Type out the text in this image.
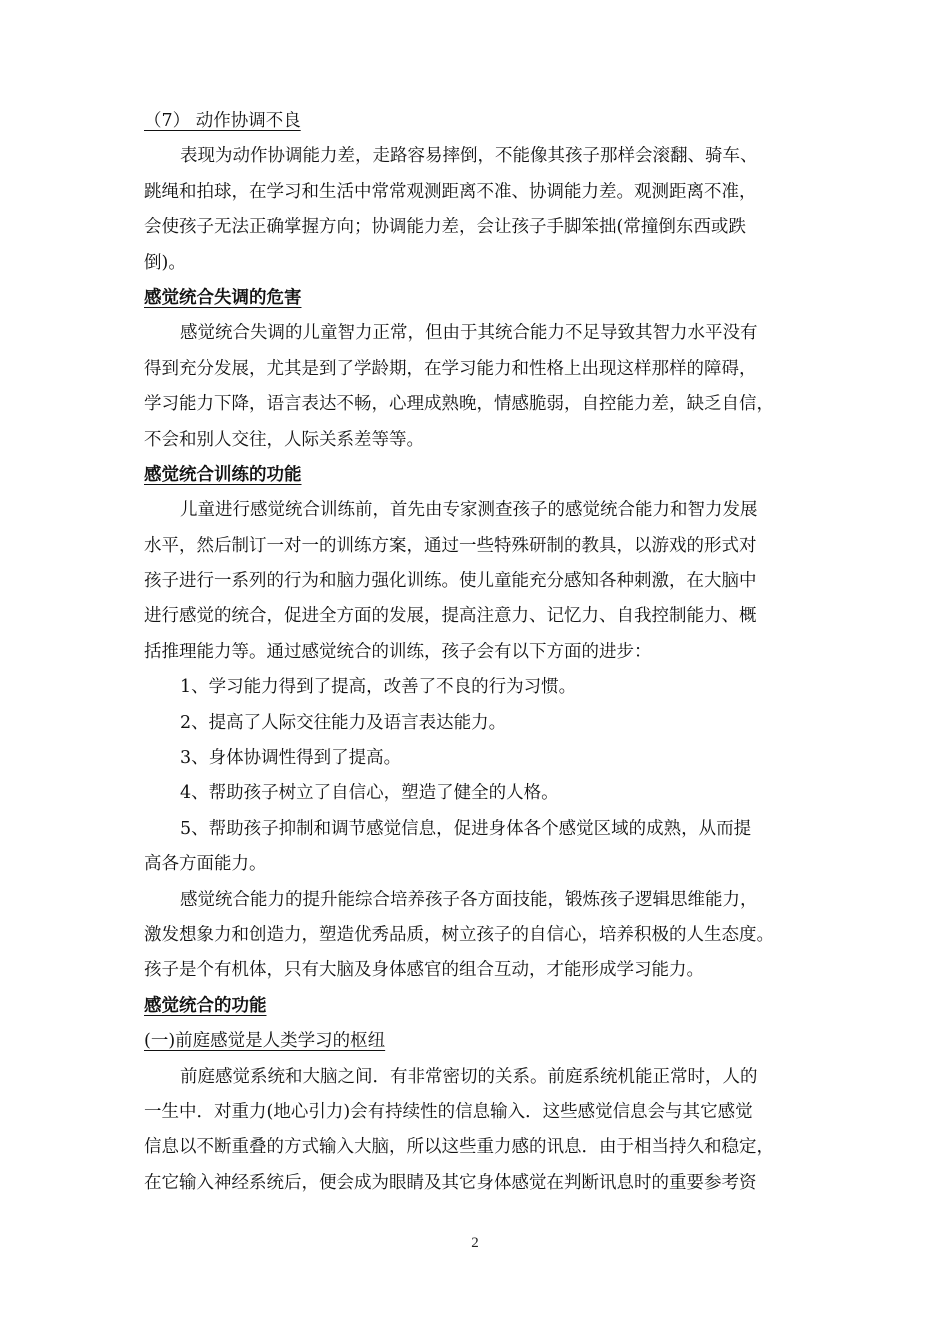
（7） 动作协调不良
表现为动作协调能力差，走路容易摔倒，不能像其孩子那样会滚翻、骑车、
跳绳和拍球，在学习和生活中常常观测距离不准、协调能力差。观测距离不准，
会使孩子无法正确掌握方向；协调能力差，会让孩子手脚笨拙(常撞倒东西或跌
倒)。
感觉统合失调的危害
感觉统合失调的儿童智力正常，但由于其统合能力不足导致其智力水平没有
得到充分发展，尤其是到了学龄期，在学习能力和性格上出现这样那样的障碍，
学习能力下降，语言表达不畅，心理成熟晚，情感脆弱，自控能力差，缺乏自信，
不会和别人交往，人际关系差等等。
感觉统合训练的功能
儿童进行感觉统合训练前，首先由专家测查孩子的感觉统合能力和智力发展
水平，然后制订一对一的训练方案，通过一些特殊研制的教具，以游戏的形式对
孩子进行一系列的行为和脑力强化训练。使儿童能充分感知各种刺激，在大脑中
进行感觉的统合，促进全方面的发展，提高注意力、记忆力、自我控制能力、概
括推理能力等。通过感觉统合的训练，孩子会有以下方面的进步：
1、学习能力得到了提高，改善了不良的行为习惯。
2、提高了人际交往能力及语言表达能力。
3、身体协调性得到了提高。
4、帮助孩子树立了自信心，塑造了健全的人格。
5、帮助孩子抑制和调节感觉信息，促进身体各个感觉区域的成熟，从而提
高各方面能力。
感觉统合能力的提升能综合培养孩子各方面技能，锻炼孩子逻辑思维能力，
激发想象力和创造力，塑造优秀品质，树立孩子的自信心，培养积极的人生态度。
孩子是个有机体，只有大脑及身体感官的组合互动，才能形成学习能力。
感觉统合的功能
(一)前庭感觉是人类学习的枢纽
前庭感觉系统和大脑之间．有非常密切的关系。前庭系统机能正常时，人的
一生中．对重力(地心引力)会有持续性的信息输入．这些感觉信息会与其它感觉
信息以不断重叠的方式输入大脑，所以这些重力感的讯息．由于相当持久和稳定，
在它输入神经系统后，便会成为眼睛及其它身体感觉在判断讯息时的重要参考资
2
